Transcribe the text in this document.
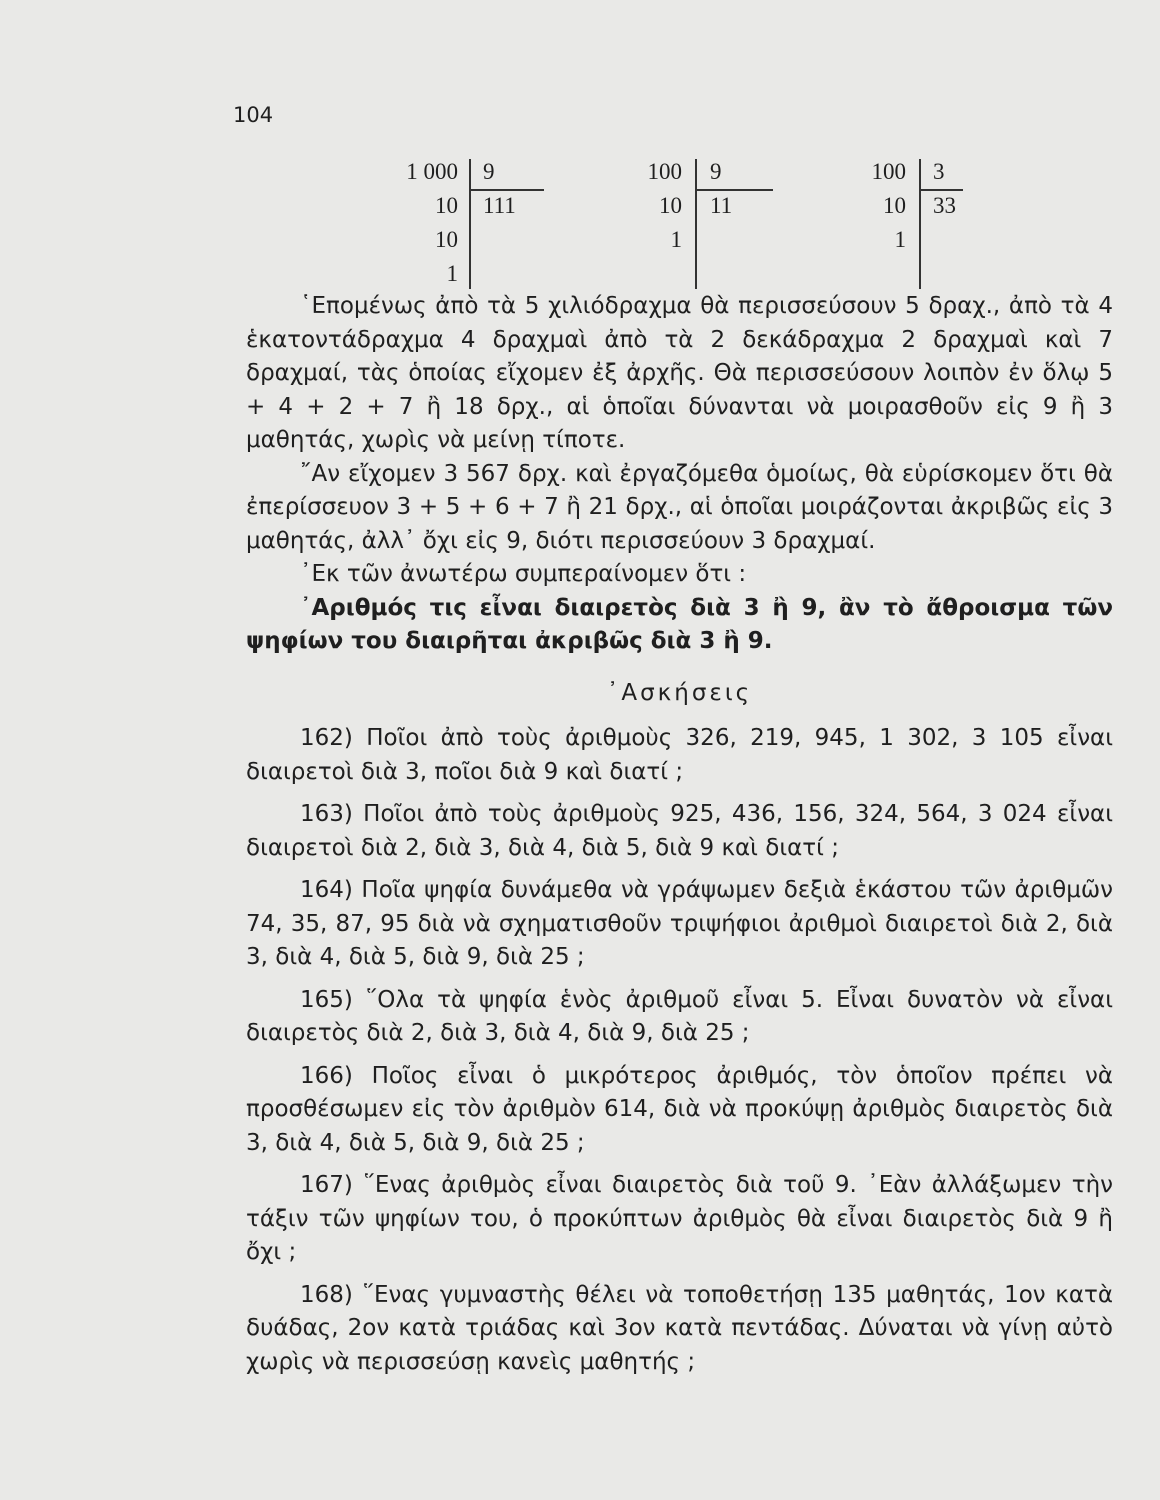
104
1 000
10
10
1
9
111
100
10
1
9
11
100
10
1
3
33

῾Επομένως ἀπὸ τὰ 5 χιλιόδραχμα θὰ περισσεύσουν 5 δραχ., ἀπὸ τὰ 4 ἑκατοντάδραχμα 4 δραχμαὶ ἀπὸ τὰ 2 δεκάδραχμα 2 δραχμαὶ καὶ 7 δραχμαί, τὰς ὁποίας εἴχομεν ἐξ ἀρχῆς. Θὰ περισσεύσουν λοιπὸν ἐν ὅλῳ 5 + 4 + 2 + 7 ἢ 18 δρχ., αἱ ὁποῖαι δύνανται νὰ μοιρασθοῦν εἰς 9 ἢ 3 μαθητάς, χωρὶς νὰ μείνῃ τίποτε.

῎Αν εἴχομεν 3 567 δρχ. καὶ ἐργαζόμεθα ὁμοίως, θὰ εὑρίσκομεν ὅτι θὰ ἐπερίσσευον 3 + 5 + 6 + 7 ἢ 21 δρχ., αἱ ὁποῖαι μοιράζονται ἀκριβῶς εἰς 3 μαθητάς, ἀλλ᾽ ὄχι εἰς 9, διότι περισσεύουν 3 δραχμαί.

᾽Εκ τῶν ἀνωτέρω συμπεραίνομεν ὅτι :

᾽Αριθμός τις εἶναι διαιρετὸς διὰ 3 ἢ 9, ἂν τὸ ἄθροισμα τῶν ψηφίων του διαιρῆται ἀκριβῶς διὰ 3 ἢ 9.

᾽Ασκήσεις

162) Ποῖοι ἀπὸ τοὺς ἀριθμοὺς 326, 219, 945, 1 302, 3 105 εἶναι διαιρετοὶ διὰ 3, ποῖοι διὰ 9 καὶ διατί ;

163) Ποῖοι ἀπὸ τοὺς ἀριθμοὺς 925, 436, 156, 324, 564, 3 024 εἶναι διαιρετοὶ διὰ 2, διὰ 3, διὰ 4, διὰ 5, διὰ 9 καὶ διατί ;

164) Ποῖα ψηφία δυνάμεθα νὰ γράψωμεν δεξιὰ ἑκάστου τῶν ἀριθμῶν 74, 35, 87, 95 διὰ νὰ σχηματισθοῦν τριψήφιοι ἀριθμοὶ διαιρετοὶ διὰ 2, διὰ 3, διὰ 4, διὰ 5, διὰ 9, διὰ 25 ;

165) ῞Ολα τὰ ψηφία ἑνὸς ἀριθμοῦ εἶναι 5. Εἶναι δυνατὸν νὰ εἶναι διαιρετὸς διὰ 2, διὰ 3, διὰ 4, διὰ 9, διὰ 25 ;

166) Ποῖος εἶναι ὁ μικρότερος ἀριθμός, τὸν ὁποῖον πρέπει νὰ προσθέσωμεν εἰς τὸν ἀριθμὸν 614, διὰ νὰ προκύψῃ ἀριθμὸς διαιρετὸς διὰ 3, διὰ 4, διὰ 5, διὰ 9, διὰ 25 ;

167) ῞Ενας ἀριθμὸς εἶναι διαιρετὸς διὰ τοῦ 9. ᾽Εὰν ἀλλάξωμεν τὴν τάξιν τῶν ψηφίων του, ὁ προκύπτων ἀριθμὸς θὰ εἶναι διαιρετὸς διὰ 9 ἢ ὄχι ;

168) ῞Ενας γυμναστὴς θέλει νὰ τοποθετήσῃ 135 μαθητάς, 1ον κατὰ δυάδας, 2ον κατὰ τριάδας καὶ 3ον κατὰ πεντάδας. Δύναται νὰ γίνῃ αὐτὸ χωρὶς νὰ περισσεύσῃ κανεὶς μαθητής ;
